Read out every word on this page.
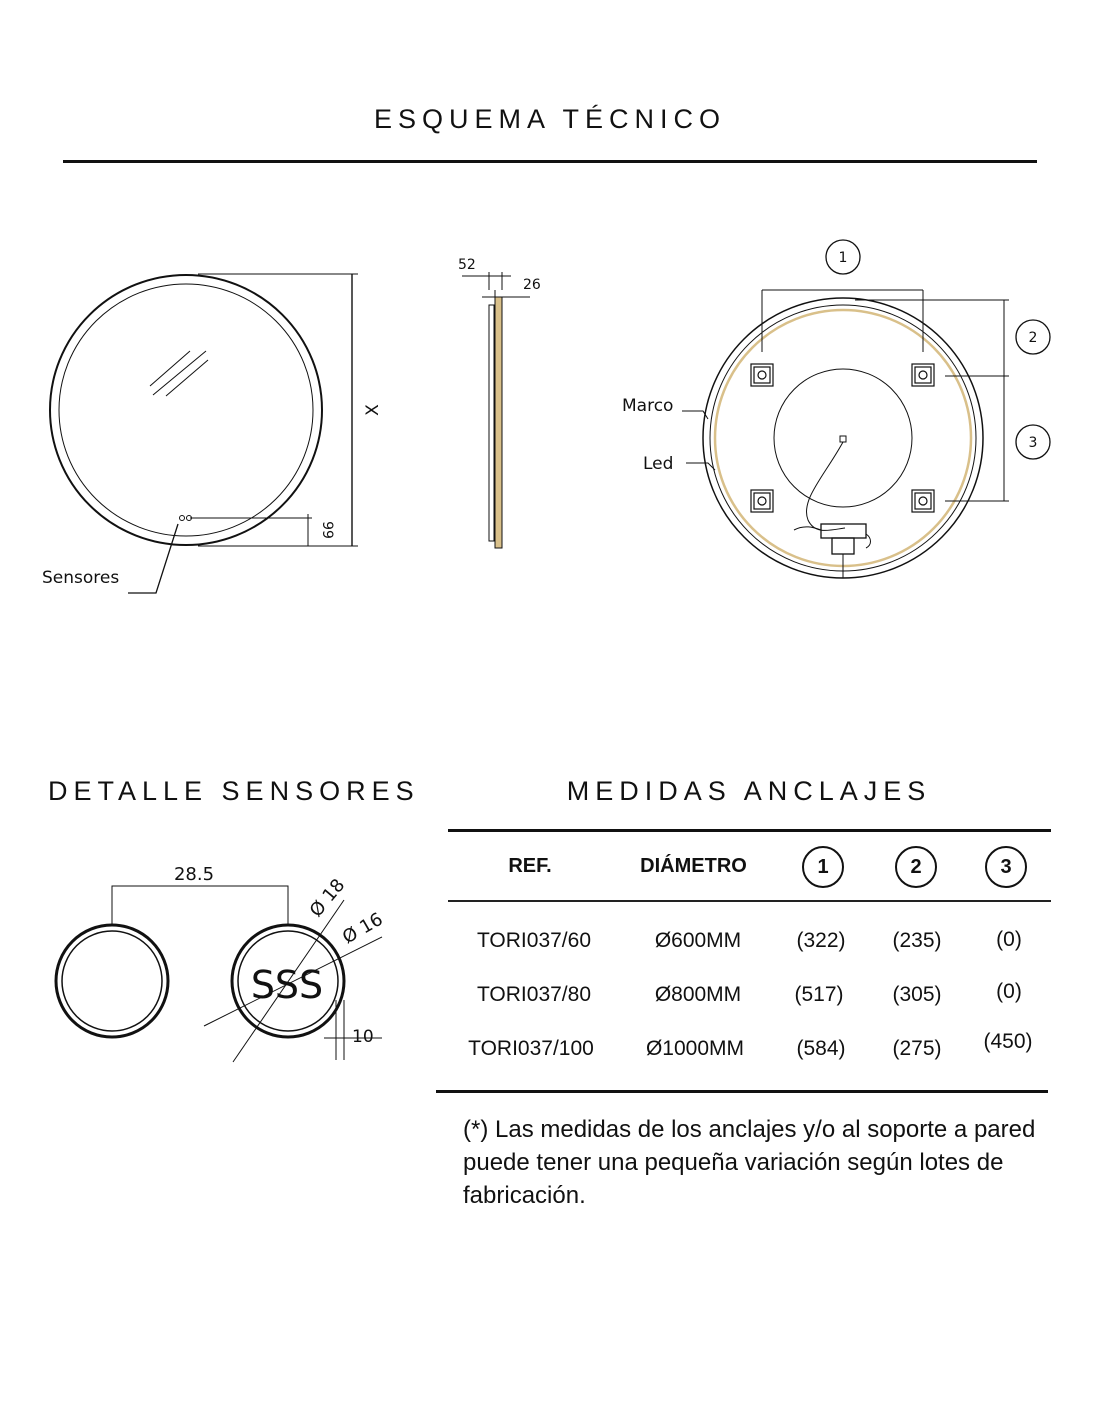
ESQUEMA TÉCNICO
X
99
Sensores
52
26
1
2
3
Marco
Led
DETALLE SENSORES
28.5
Ø 18
Ø 16
SSS
10
MEDIDAS ANCLAJES
REF.	DIÁMETRO	1	2	3
TORI037/60	Ø600MM	(322)	(235)	(0)
TORI037/80	Ø800MM	(517)	(305)	(0)
TORI037/100	Ø1000MM	(584)	(275)	(450)

(*) Las medidas de los anclajes y/o al soporte a pared puede tener una pequeña variación según lotes de fabricación.
